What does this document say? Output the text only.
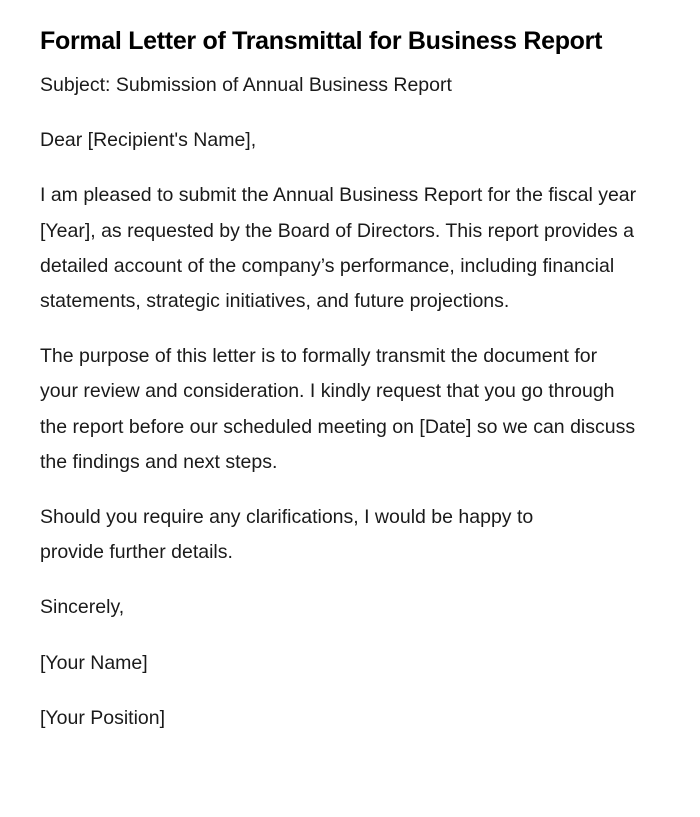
Formal Letter of Transmittal for Business Report

Subject: Submission of Annual Business Report

Dear [Recipient's Name],

I am pleased to submit the Annual Business Report for the fiscal year [Year], as requested by the Board of Directors. This report provides a detailed account of the company’s performance, including financial statements, strategic initiatives, and future projections.

The purpose of this letter is to formally transmit the document for your review and consideration. I kindly request that you go through the report before our scheduled meeting on [Date] so we can discuss the findings and next steps.

Should you require any clarifications, I would be happy to provide further details.

Sincerely,

[Your Name]

[Your Position]
